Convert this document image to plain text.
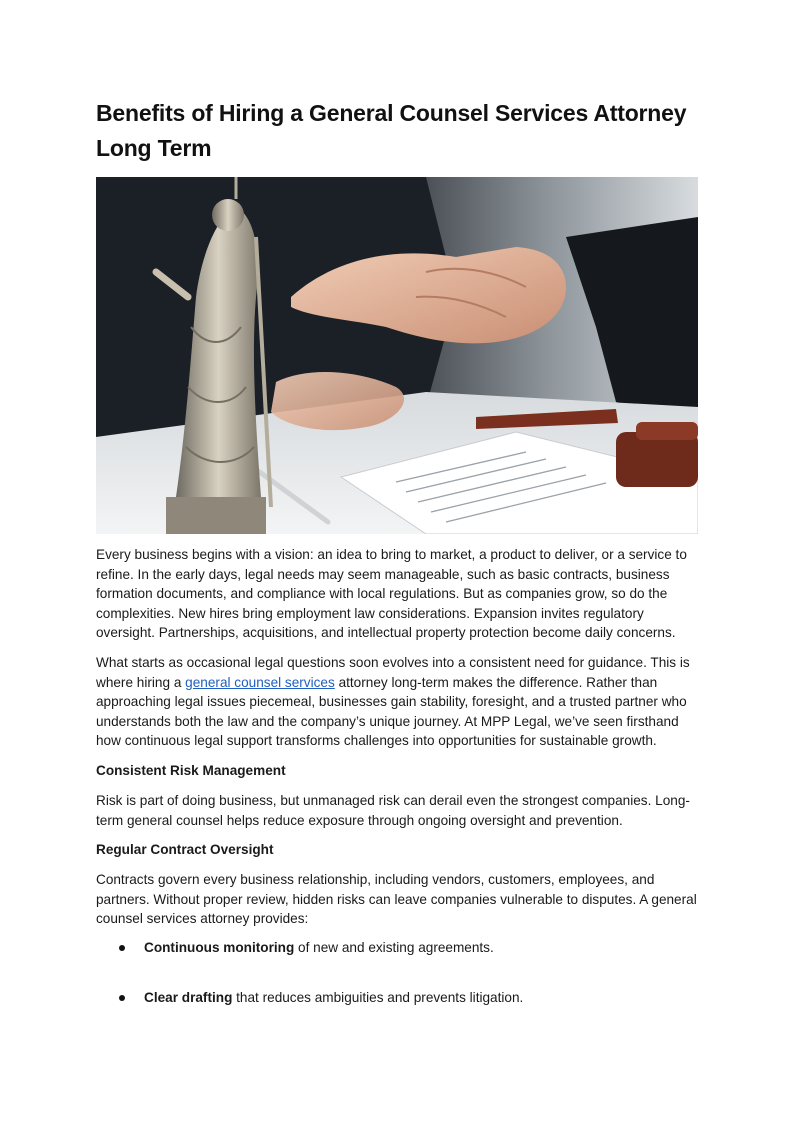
Benefits of Hiring a General Counsel Services Attorney Long Term

Every business begins with a vision: an idea to bring to market, a product to deliver, or a service to refine. In the early days, legal needs may seem manageable, such as basic contracts, business formation documents, and compliance with local regulations. But as companies grow, so do the complexities. New hires bring employment law considerations. Expansion invites regulatory oversight. Partnerships, acquisitions, and intellectual property protection become daily concerns.

What starts as occasional legal questions soon evolves into a consistent need for guidance. This is where hiring a general counsel services attorney long-term makes the difference. Rather than approaching legal issues piecemeal, businesses gain stability, foresight, and a trusted partner who understands both the law and the company’s unique journey. At MPP Legal, we’ve seen firsthand how continuous legal support transforms challenges into opportunities for sustainable growth.

Consistent Risk Management

Risk is part of doing business, but unmanaged risk can derail even the strongest companies. Long-term general counsel helps reduce exposure through ongoing oversight and prevention.

Regular Contract Oversight

Contracts govern every business relationship, including vendors, customers, employees, and partners. Without proper review, hidden risks can leave companies vulnerable to disputes. A general counsel services attorney provides:

Continuous monitoring of new and existing agreements.
Clear drafting that reduces ambiguities and prevents litigation.
